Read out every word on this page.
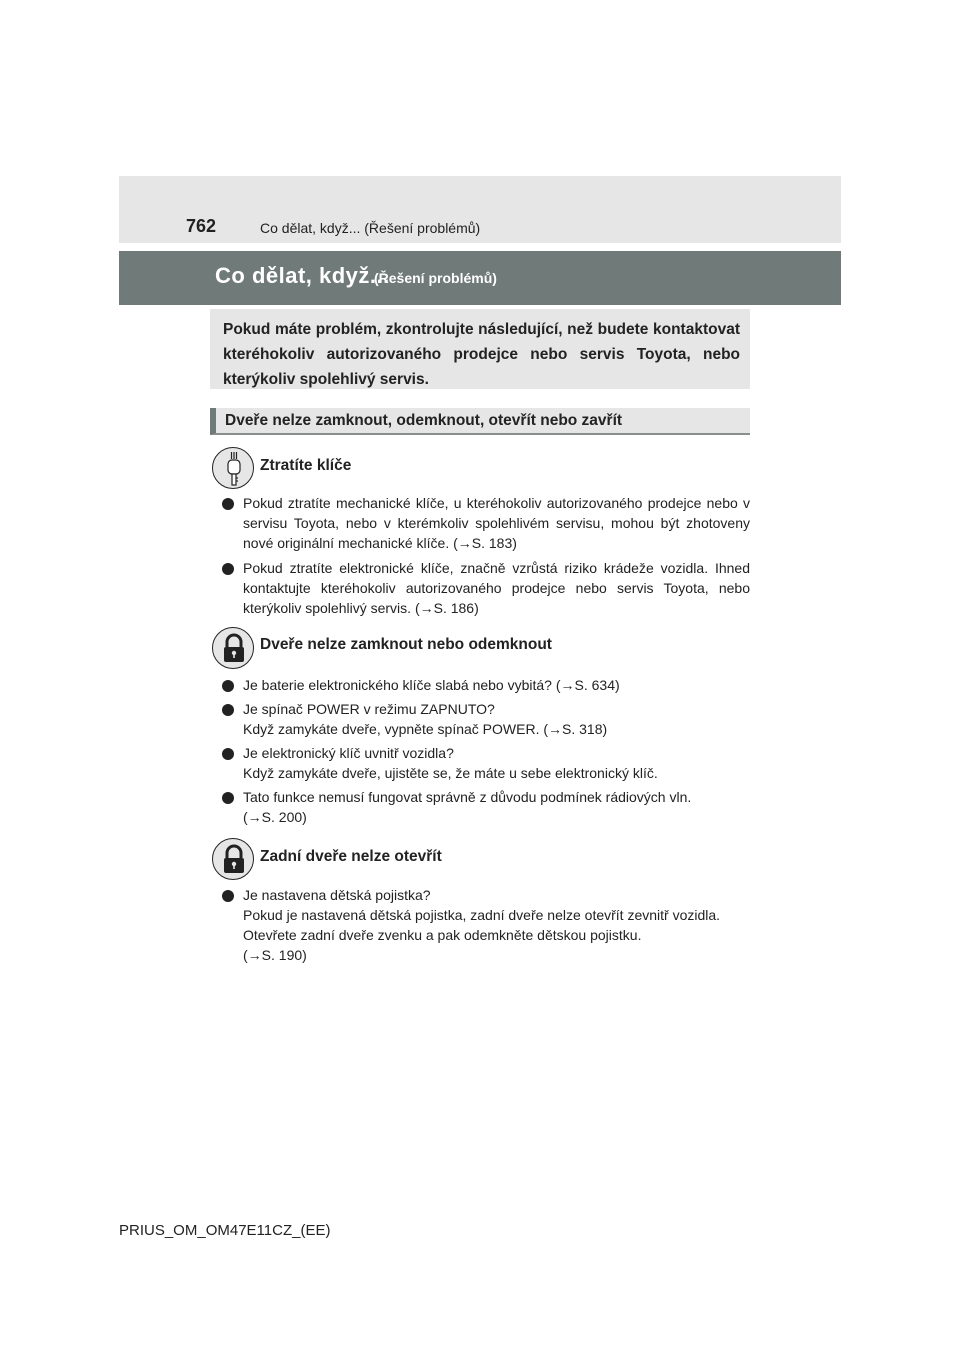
762	Co dělat, když... (Řešení problémů)
Co dělat, když...
(Řešení problémů)
Pokud máte problém, zkontrolujte následující, než budete kontaktovat kteréhokoliv autorizovaného prodejce nebo servis Toyota, nebo kterýkoliv spolehlivý servis.
Dveře nelze zamknout, odemknout, otevřít nebo zavřít
Ztratíte klíče
Pokud ztratíte mechanické klíče, u kteréhokoliv autorizovaného prodejce nebo v servisu Toyota, nebo v kterémkoliv spolehlivém servisu, mohou být zhotoveny nové originální mechanické klíče. (→S. 183)
Pokud ztratíte elektronické klíče, značně vzrůstá riziko krádeže vozidla. Ihned kontaktujte kteréhokoliv autorizovaného prodejce nebo servis Toyota, nebo kterýkoliv spolehlivý servis. (→S. 186)
Dveře nelze zamknout nebo odemknout
Je baterie elektronického klíče slabá nebo vybitá? (→S. 634)
Je spínač POWER v režimu ZAPNUTO?
Když zamykáte dveře, vypněte spínač POWER. (→S. 318)
Je elektronický klíč uvnitř vozidla?
Když zamykáte dveře, ujistěte se, že máte u sebe elektronický klíč.
Tato funkce nemusí fungovat správně z důvodu podmínek rádiových vln.
(→S. 200)
Zadní dveře nelze otevřít
Je nastavena dětská pojistka?
Pokud je nastavená dětská pojistka, zadní dveře nelze otevřít zevnitř vozidla. Otevřete zadní dveře zvenku a pak odemkněte dětskou pojistku.
(→S. 190)
PRIUS_OM_OM47E11CZ_(EE)
